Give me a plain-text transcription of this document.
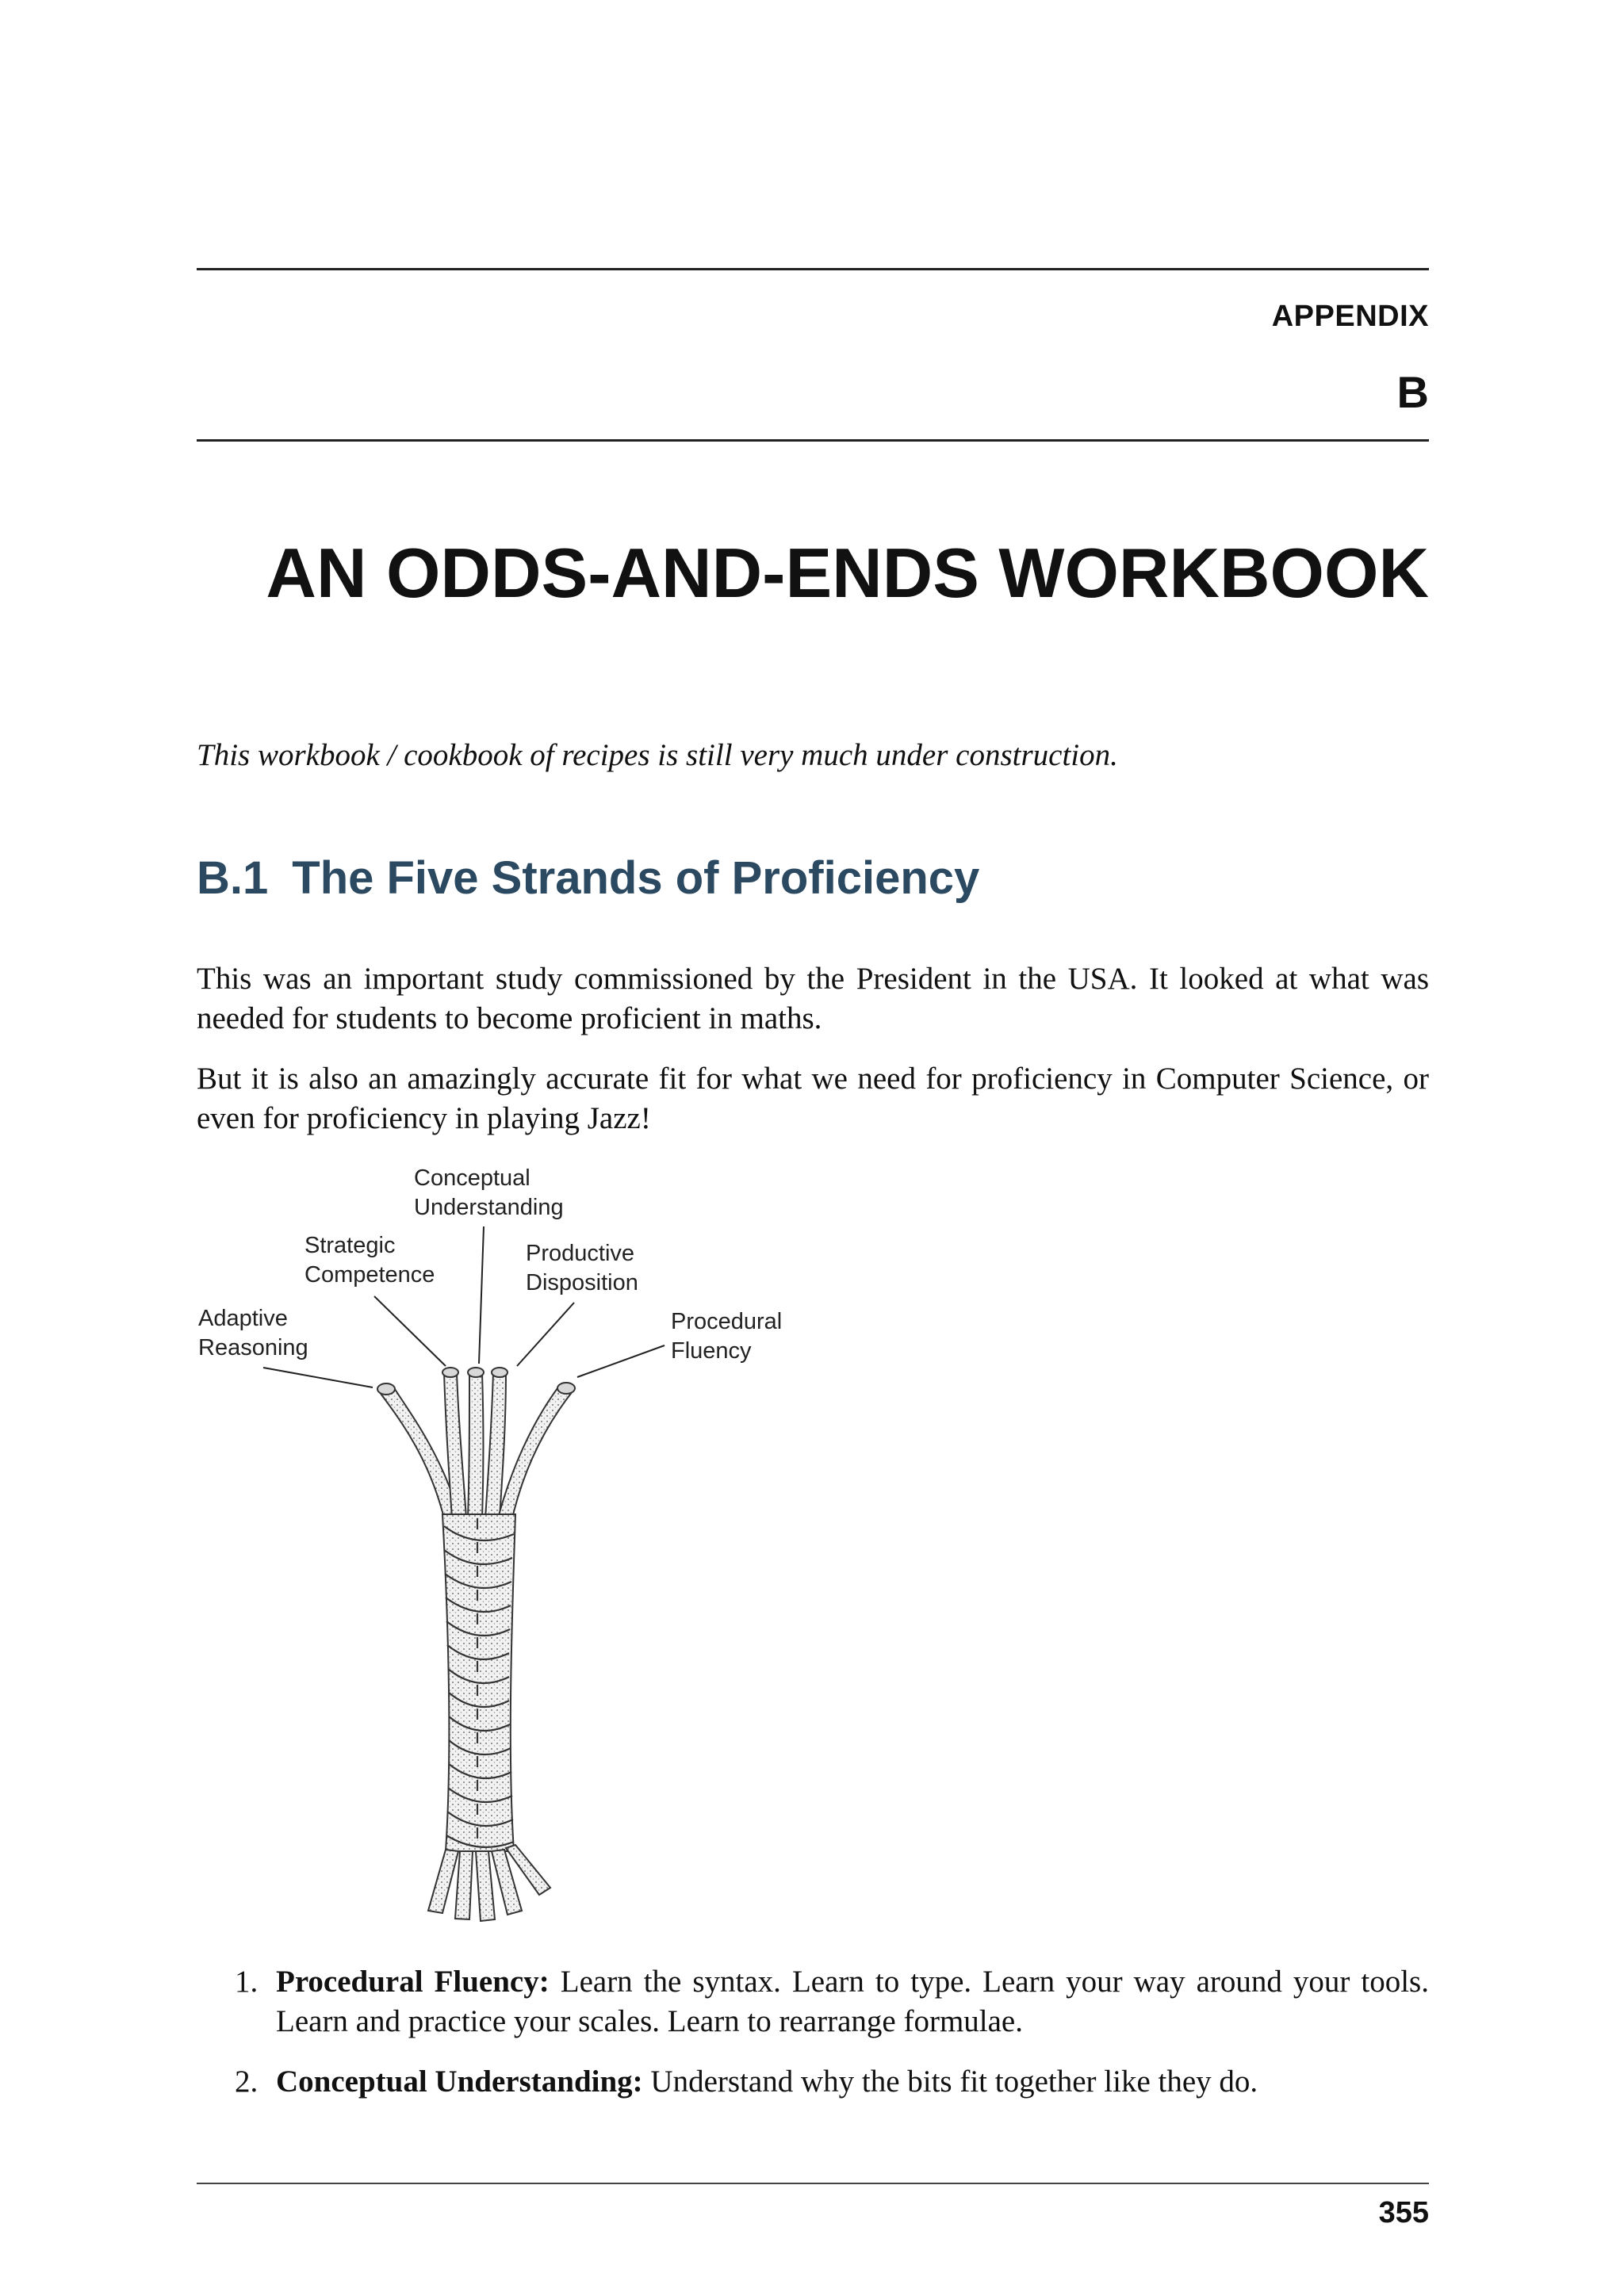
APPENDIX
B
AN ODDS-AND-ENDS WORKBOOK
This workbook / cookbook of recipes is still very much under construction.
B.1 The Five Strands of Proficiency

This was an important study commissioned by the President in the USA. It looked at what was needed for students to become proficient in maths.

But it is also an amazingly accurate fit for what we need for proficiency in Computer Science, or even for proficiency in playing Jazz!

Conceptual
Understanding
Strategic
Competence
Productive
Disposition
Adaptive
Reasoning
Procedural
Fluency
1. Procedural Fluency: Learn the syntax. Learn to type. Learn your way around your tools. Learn and practice your scales. Learn to rearrange formulae.
2. Conceptual Understanding: Understand why the bits fit together like they do.
355
